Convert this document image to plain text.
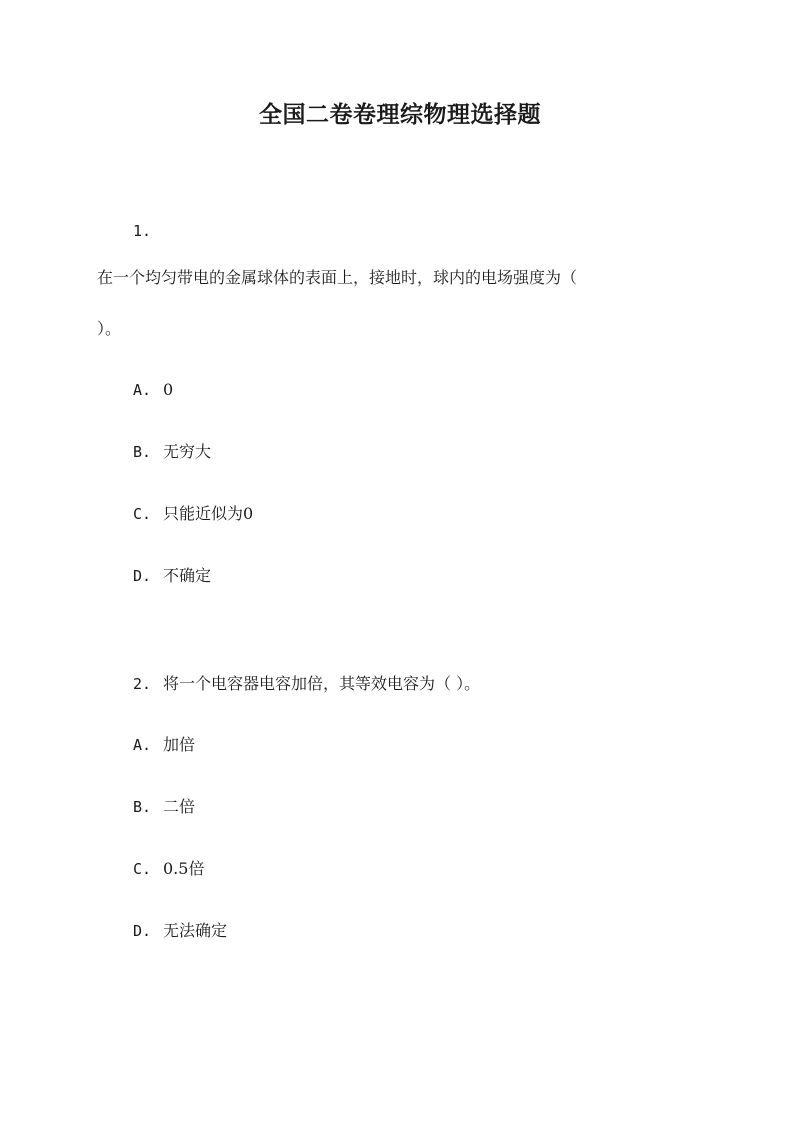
全国二卷卷理综物理选择题
1.
在一个均匀带电的金属球体的表面上，接地时，球内的电场强度为（
）。
A. 0
B. 无穷大
C. 只能近似为0
D. 不确定
2. 将一个电容器电容加倍，其等效电容为（ ）。
A. 加倍
B. 二倍
C. 0.5倍
D. 无法确定
